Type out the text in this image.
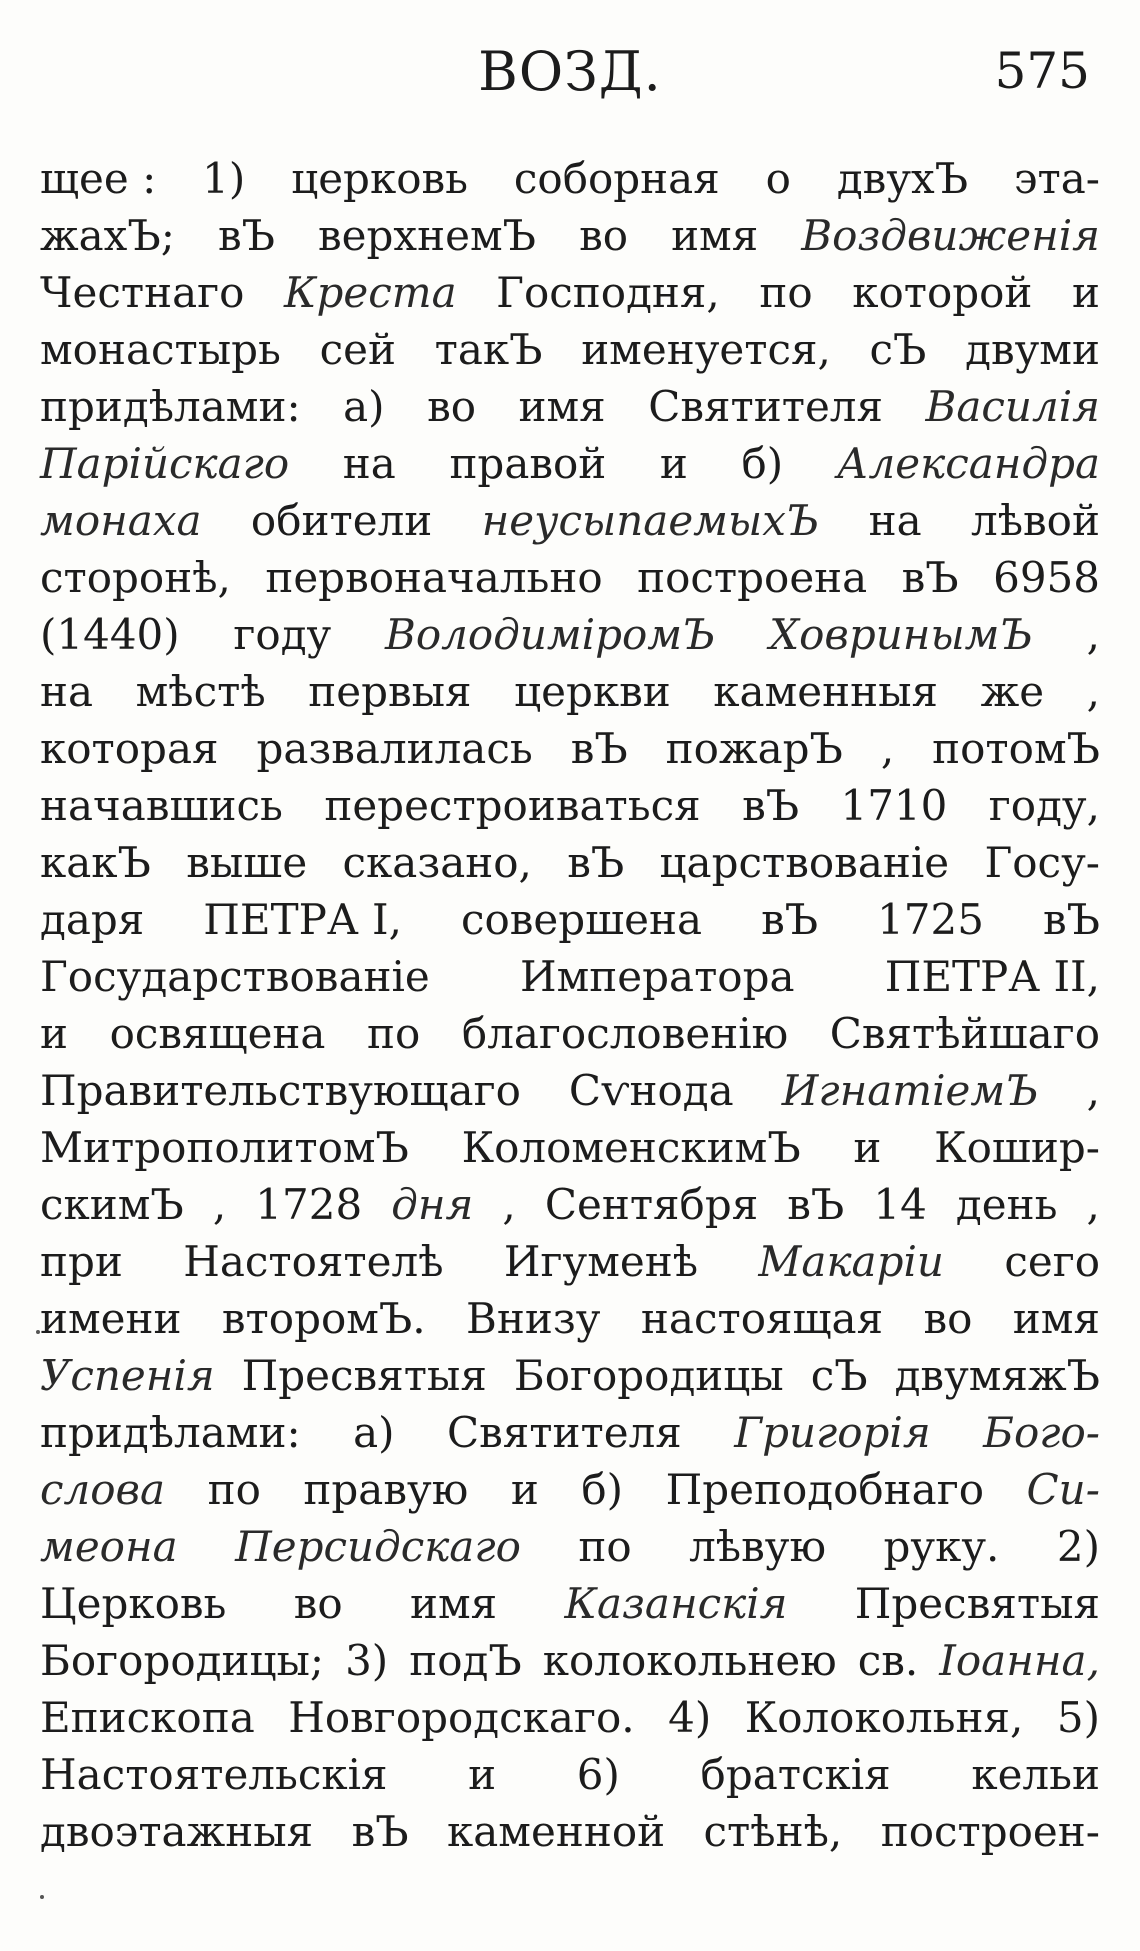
ВОЗД.	575
щее : 1) церковь соборная о двухЪ эта-
жахЪ; вЪ верхнемЪ во имя Воздвиженія
Честнаго Креста Господня, по которой и
монастырь сей такЪ именуется, сЪ двуми
придѣлами: а) во имя Святителя Василія
Парійскаго на правой и б) Александра
монаха обители неусыпаемыхЪ на лѣвой
сторонѣ, первоначально построена вЪ 6958
(1440) году ВолодиміромЪ ХовринымЪ ,
на мѣстѣ первыя церкви каменныя же ,
которая развалилась вЪ пожарЪ , потомЪ
начавшись перестроиваться вЪ 1710 году,
какЪ выше сказано, вЪ царствованіе Госу-
даря ПЕТРА I, совершена вЪ 1725 вЪ
Государствованіе Императора ПЕТРА II,
и освящена по благословенію Святѣйшаго
Правительствующаго Сѵнода ИгнатіемЪ ,
МитрополитомЪ КоломенскимЪ и Кошир-
скимЪ , 1728 дня , Сентября вЪ 14 день ,
при Настоятелѣ Игуменѣ Макаріи сего
имени второмЪ. Внизу настоящая во имя
Успенія Пресвятыя Богородицы сЪ двумяжЪ
придѣлами: а) Святителя Григорія Бого-
слова по правую и б) Преподобнаго Си-
меона Персидскаго по лѣвую руку. 2)
Церковь во имя Казанскія Пресвятыя
Богородицы; 3) подЪ колокольнею св. Іоанна,
Епископа Новгородскаго. 4) Колокольня, 5)
Настоятельскія и 6) братскія кельи
двоэтажныя вЪ каменной стѣнѣ, построен-
